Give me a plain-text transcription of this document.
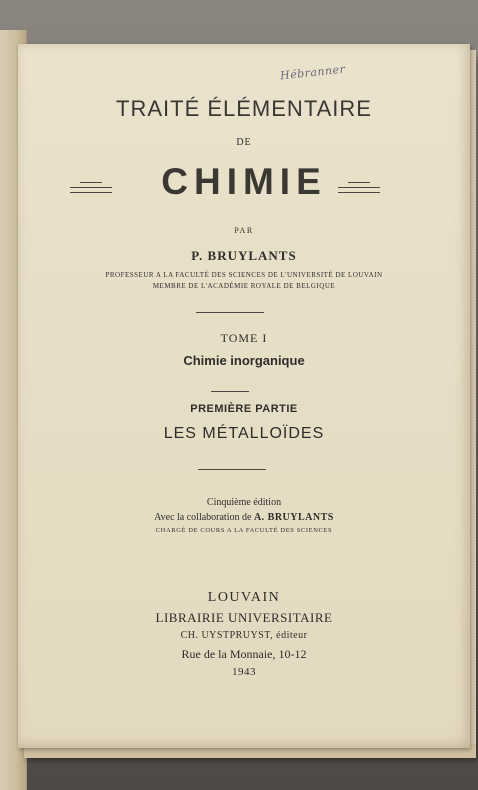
Hébranner
TRAITÉ ÉLÉMENTAIRE
DE
CHIMIE
PAR
P. BRUYLANTS
PROFESSEUR A LA FACULTÉ DES SCIENCES DE L'UNIVERSITÉ DE LOUVAIN
MEMBRE DE L'ACADÉMIE ROYALE DE BELGIQUE
TOME I
Chimie inorganique
PREMIÈRE PARTIE
LES MÉTALLOÏDES
Cinquième édition
Avec la collaboration de A. BRUYLANTS
CHARGÉ DE COURS A LA FACULTÉ DES SCIENCES
LOUVAIN
LIBRAIRIE UNIVERSITAIRE
CH. UYSTPRUYST, éditeur
Rue de la Monnaie, 10-12
1943
